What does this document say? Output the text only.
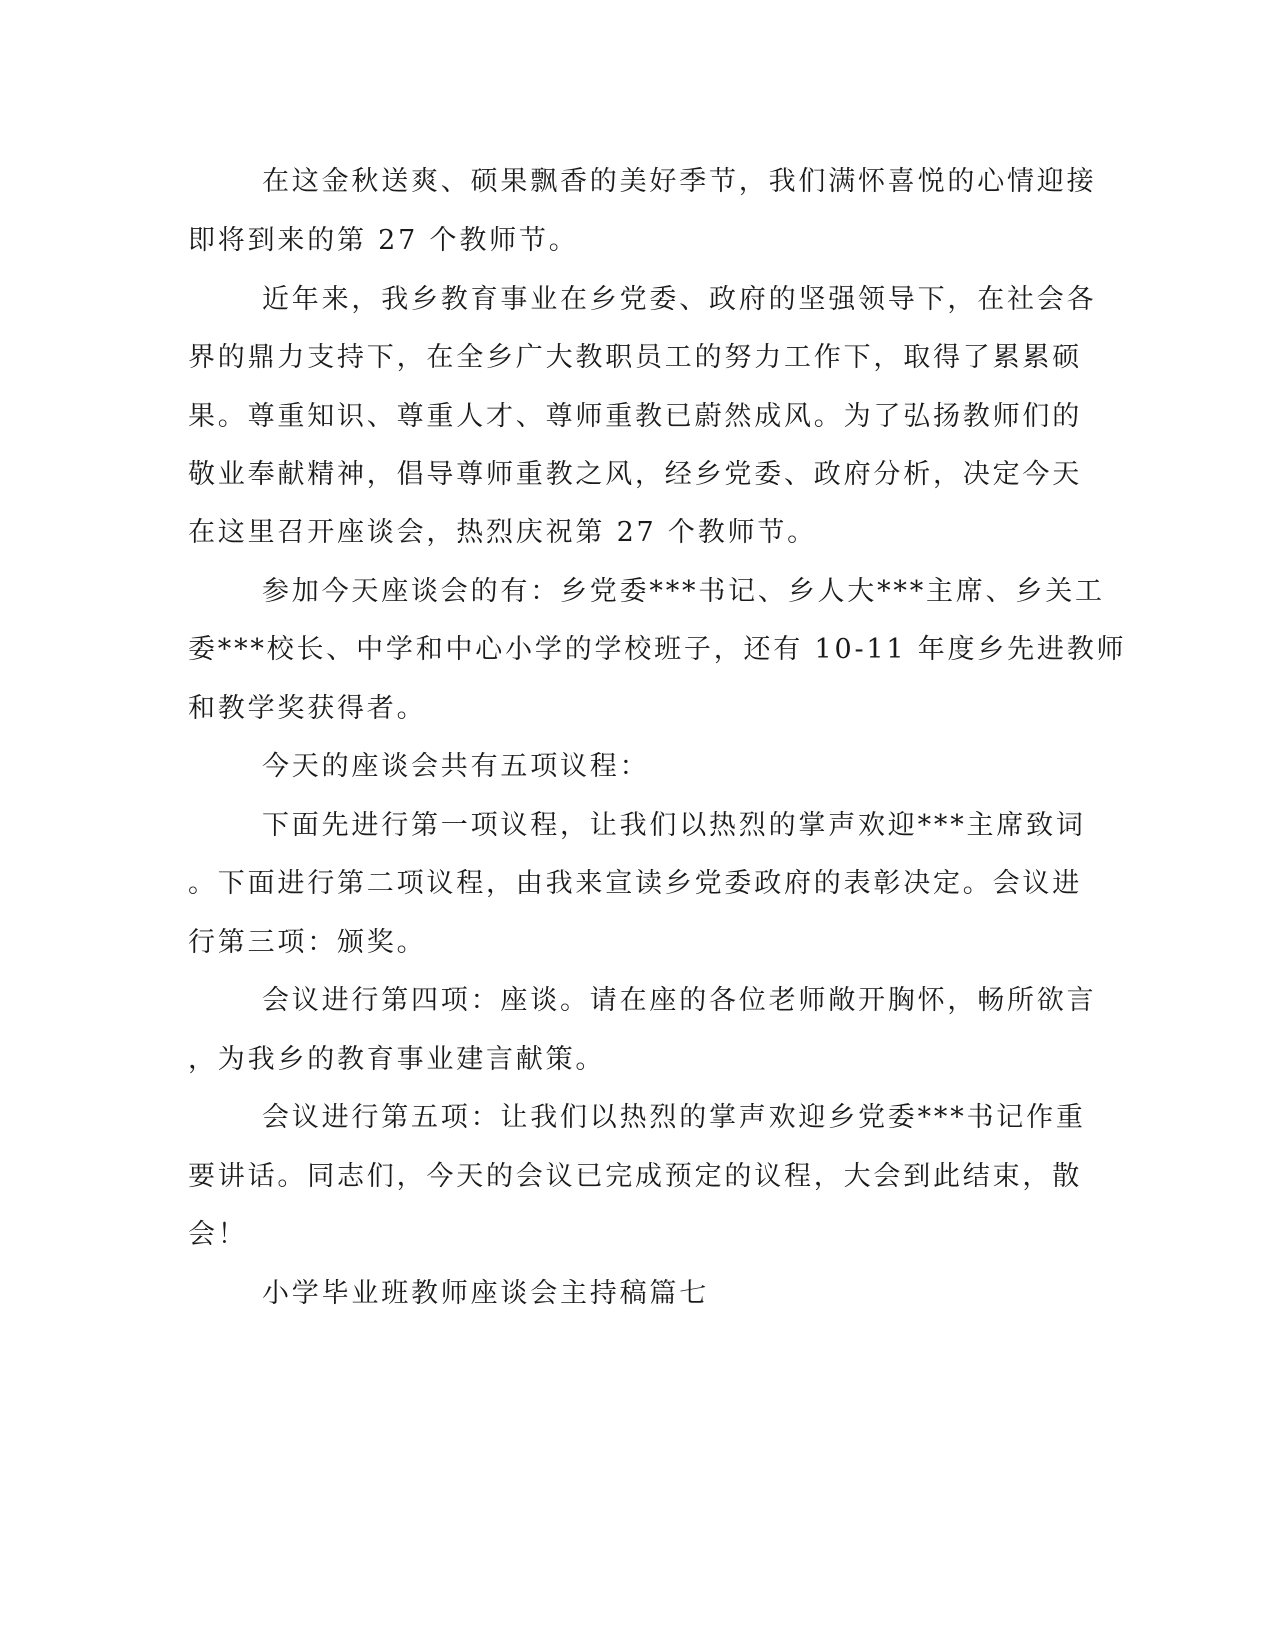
在这金秋送爽、硕果飘香的美好季节，我们满怀喜悦的心情迎接

即将到来的第 27 个教师节。

近年来，我乡教育事业在乡党委、政府的坚强领导下，在社会各

界的鼎力支持下，在全乡广大教职员工的努力工作下，取得了累累硕

果。尊重知识、尊重人才、尊师重教已蔚然成风。为了弘扬教师们的

敬业奉献精神，倡导尊师重教之风，经乡党委、政府分析，决定今天

在这里召开座谈会，热烈庆祝第 27 个教师节。

参加今天座谈会的有：乡党委***书记、乡人大***主席、乡关工

委***校长、中学和中心小学的学校班子，还有 10-11 年度乡先进教师

和教学奖获得者。

今天的座谈会共有五项议程：

下面先进行第一项议程，让我们以热烈的掌声欢迎***主席致词

。下面进行第二项议程，由我来宣读乡党委政府的表彰决定。会议进

行第三项：颁奖。

会议进行第四项：座谈。请在座的各位老师敞开胸怀，畅所欲言

，为我乡的教育事业建言献策。

会议进行第五项：让我们以热烈的掌声欢迎乡党委***书记作重

要讲话。同志们，今天的会议已完成预定的议程，大会到此结束，散

会！

小学毕业班教师座谈会主持稿篇七
